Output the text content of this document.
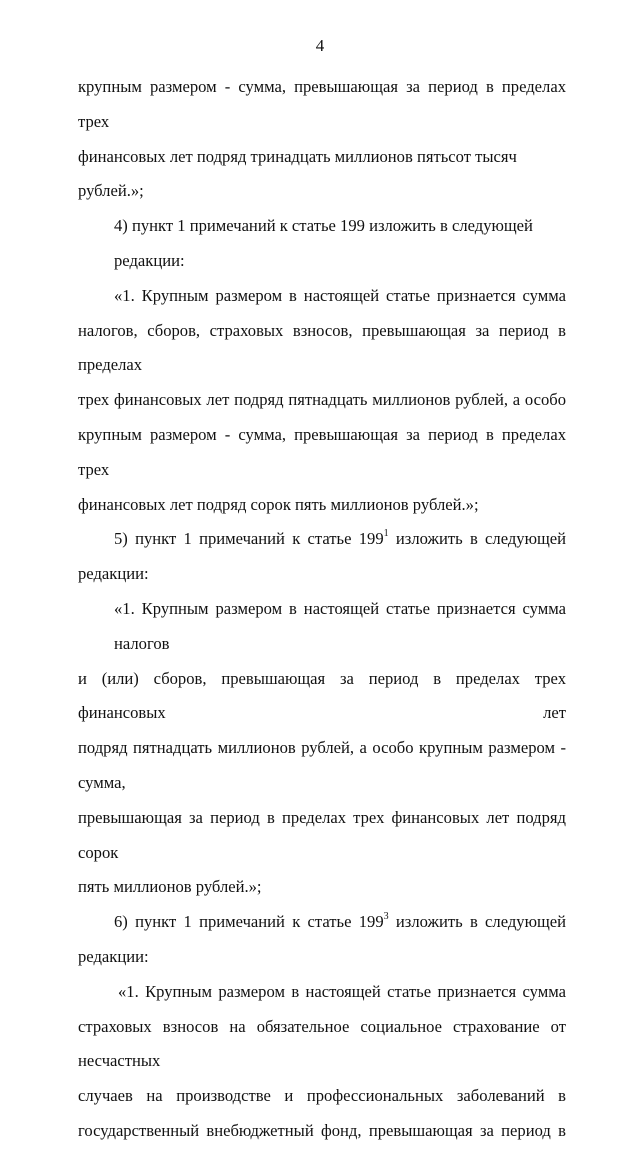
4
крупным размером - сумма, превышающая за период в пределах трех
финансовых лет подряд тринадцать миллионов пятьсот тысяч рублей.»;
4) пункт 1 примечаний к статье 199 изложить в следующей редакции:
«1. Крупным размером в настоящей статье признается сумма
налогов, сборов, страховых взносов, превышающая за период в пределах
трех финансовых лет подряд пятнадцать миллионов рублей, а особо
крупным размером - сумма, превышающая за период в пределах трех
финансовых лет подряд сорок пять миллионов рублей.»;
5) пункт 1 примечаний к статье $199^1$ изложить в следующей
редакции:
«1. Крупным размером в настоящей статье признается сумма налогов
и (или) сборов, превышающая за период в пределах трех финансовых лет
подряд пятнадцать миллионов рублей, а особо крупным размером - сумма,
превышающая за период в пределах трех финансовых лет подряд сорок
пять миллионов рублей.»;
6) пункт 1 примечаний к статье $199^3$ изложить в следующей
редакции:
«1. Крупным размером в настоящей статье признается сумма
страховых взносов на обязательное социальное страхование от несчастных
случаев на производстве и профессиональных заболеваний в
государственный внебюджетный фонд, превышающая за период в
